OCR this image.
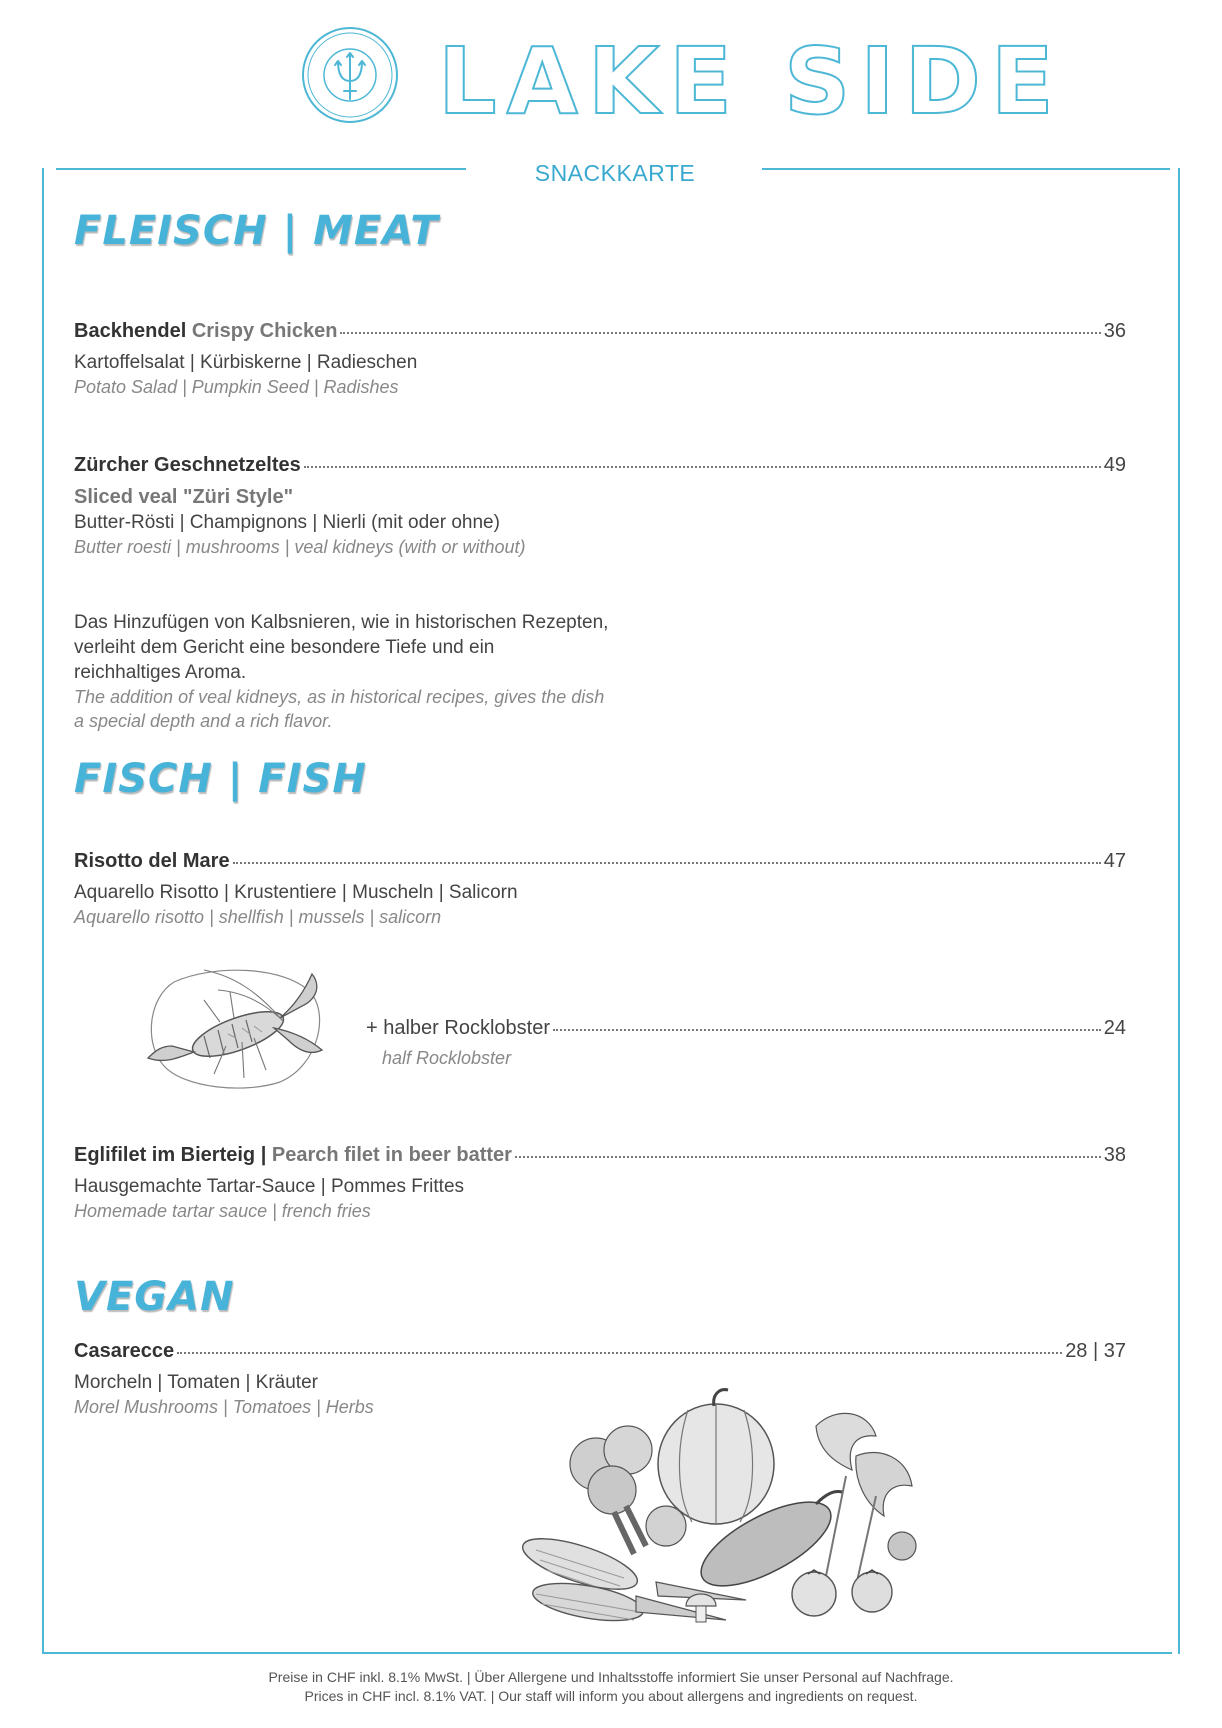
LAKE SIDE
SNACKKARTE
FLEISCH | MEAT
Backhendel Crispy Chicken	36
Kartoffelsalat | Kürbiskerne | Radieschen
Potato Salad | Pumpkin Seed | Radishes
Zürcher Geschnetzeltes	49
Sliced veal "Züri Style"
Butter-Rösti | Champignons | Nierli (mit oder ohne)
Butter roesti | mushrooms | veal kidneys (with or without)
Das Hinzufügen von Kalbsnieren, wie in historischen Rezepten,
verleiht dem Gericht eine besondere Tiefe und ein
reichhaltiges Aroma.
The addition of veal kidneys, as in historical recipes, gives the dish
a special depth and a rich flavor.
FISCH | FISH
Risotto del Mare	47
Aquarello Risotto | Krustentiere | Muscheln | Salicorn
Aquarello risotto | shellfish | mussels | salicorn
+ halber Rocklobster	24
half Rocklobster
Eglifilet im Bierteig | Pearch filet in beer batter	38
Hausgemachte Tartar-Sauce | Pommes Frittes
Homemade tartar sauce | french fries
VEGAN
Casarecce	28 | 37
Morcheln | Tomaten | Kräuter
Morel Mushrooms | Tomatoes | Herbs
Preise in CHF inkl. 8.1% MwSt. | Über Allergene und Inhaltsstoffe informiert Sie unser Personal auf Nachfrage.
Prices in CHF incl. 8.1% VAT. | Our staff will inform you about allergens and ingredients on request.
